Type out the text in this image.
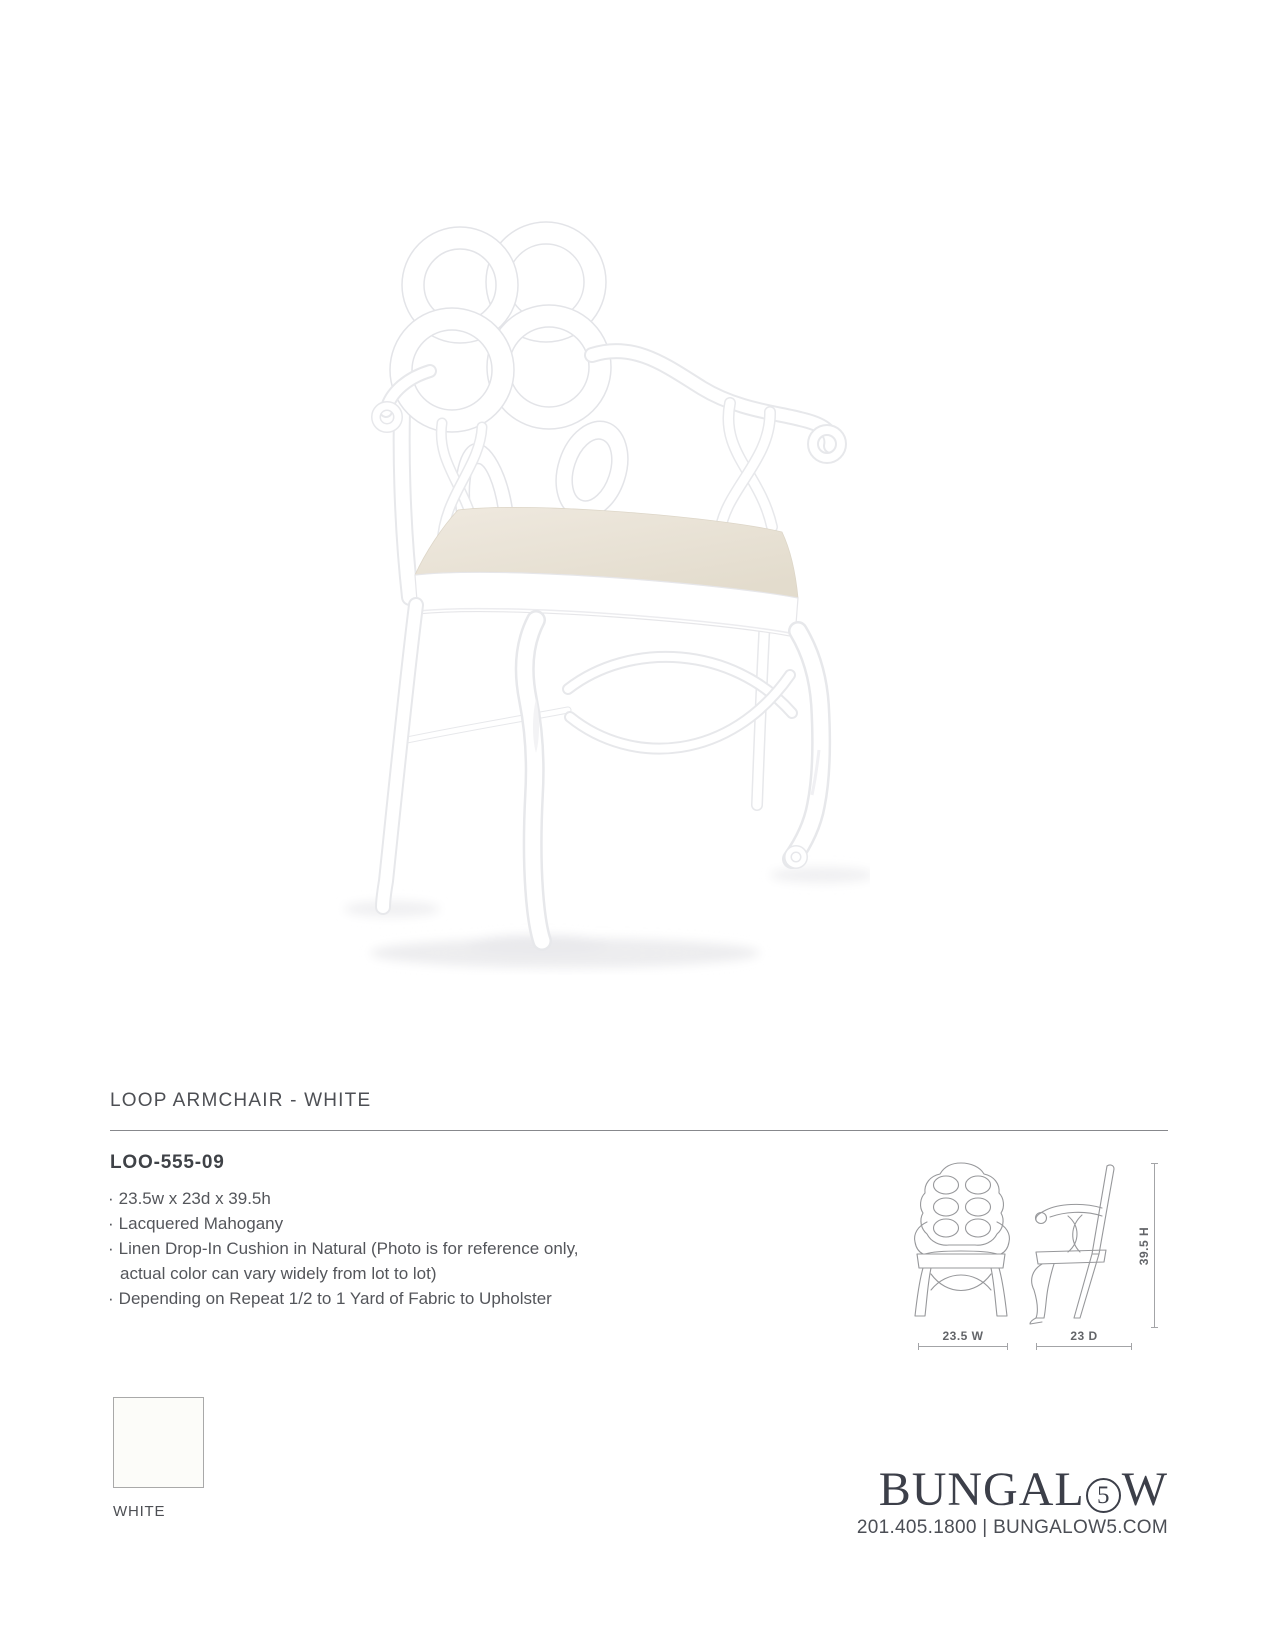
LOOP ARMCHAIR - WHITE
LOO-555-09
· 23.5w x 23d x 39.5h
· Lacquered Mahogany
· Linen Drop-In Cushion in Natural (Photo is for reference only, actual color can vary widely from lot to lot)
· Depending on Repeat 1/2 to 1 Yard of Fabric to Upholster
23.5 W	23 D
39.5 H
WHITE	BUNGAL 5 W
201.405.1800 | BUNGALOW5.COM
